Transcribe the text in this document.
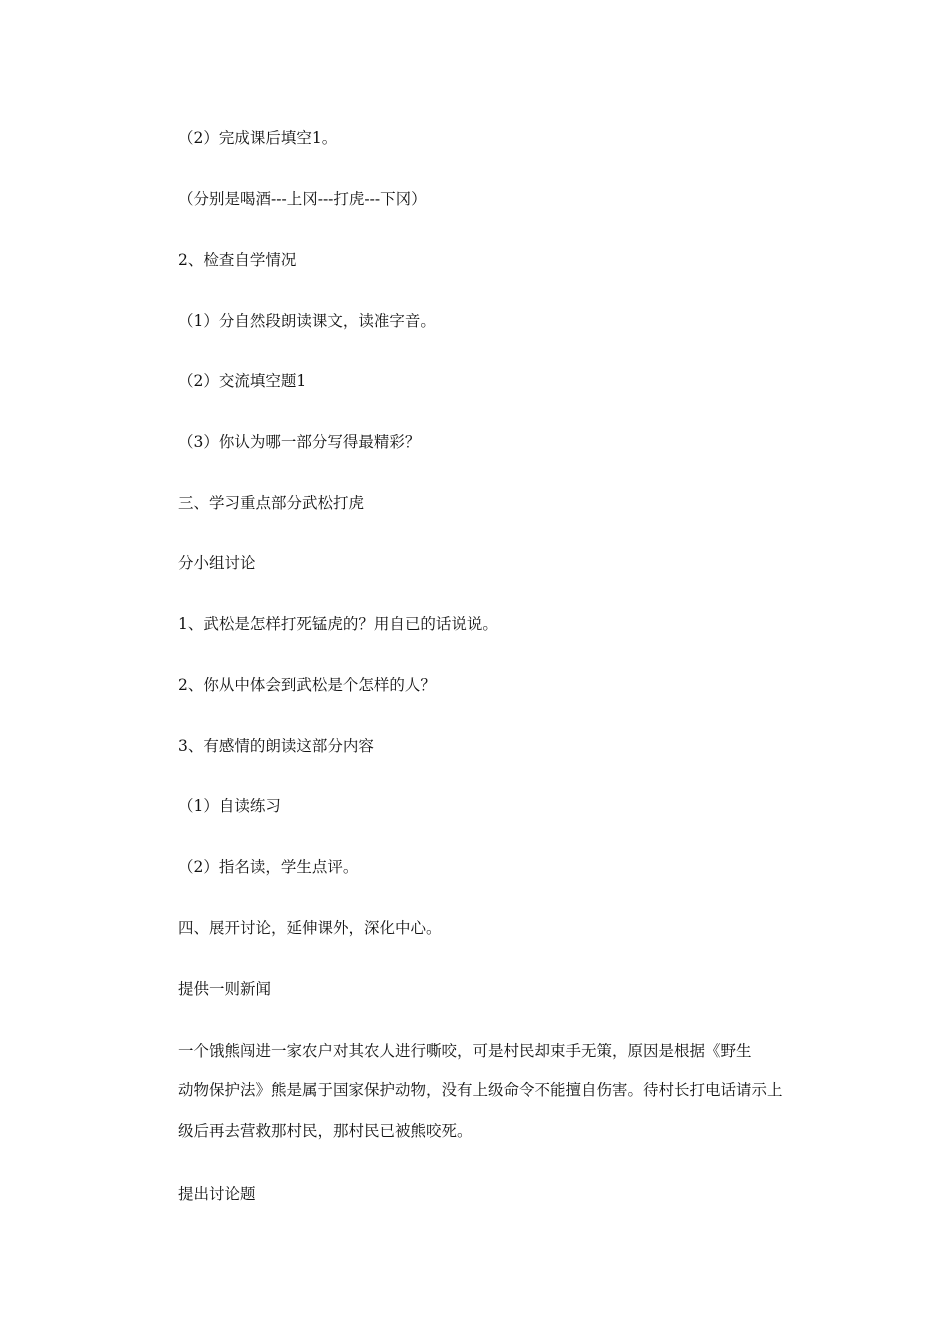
（2）完成课后填空1。
（分别是喝酒---上冈---打虎---下冈）
2、检查自学情况
（1）分自然段朗读课文，读准字音。
（2）交流填空题1
（3）你认为哪一部分写得最精彩？
三、学习重点部分武松打虎
分小组讨论
1、武松是怎样打死锰虎的？用自已的话说说。
2、你从中体会到武松是个怎样的人？
3、有感情的朗读这部分内容
（1）自读练习
（2）指名读，学生点评。
四、展开讨论，延伸课外，深化中心。
提供一则新闻
一个饿熊闯进一家农户对其农人进行嘶咬，可是村民却束手无策，原因是根据《野生
动物保护法》熊是属于国家保护动物，没有上级命令不能擅自伤害。待村长打电话请示上
级后再去营救那村民，那村民已被熊咬死。
提出讨论题
